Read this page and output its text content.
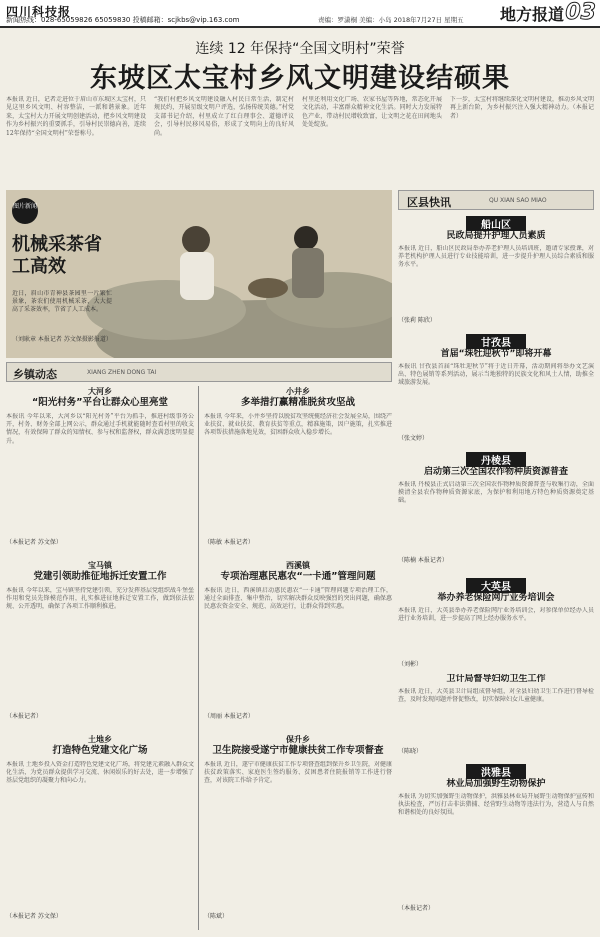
四川科技报
新闻热线：028-65059826 65059830 投稿邮箱：scjkbs@vip.163.com	责编：罗潇桐 美编：小岛 2018年7月27日 星期五 地方报道 03
连续 12 年保持“全国文明村”荣誉
东坡区太宝村乡风文明建设结硕果
本报讯 近日，记者走进位于眉山市东坡区太宝村，只见这里乡风文明、村容整洁，一派和谐景象。近年来，太宝村大力开展文明创建活动，把乡风文明建设作为乡村振兴的重要抓手，引导村民崇德向善，连续12年保持“全国文明村”荣誉称号。
“我们村把乡风文明建设融入村民日常生活，制定村规民约，开展星级文明户评选，弘扬传统美德。”村党支部书记介绍，村里成立了红白理事会、道德评议会，引导村民移风易俗，形成了文明向上的良好风尚。
村里还利用文化广场、农家书屋等阵地，常态化开展文化活动，丰富群众精神文化生活。同时大力发展特色产业，带动村民增收致富，让文明之花在田间地头处处绽放。
下一步，太宝村将继续深化文明村建设，推动乡风文明再上新台阶，为乡村振兴注入强大精神动力。（本报记者）
图片新闻
机械采茶省工高效
近日，眉山市青神县茶园里一片繁忙景象，茶农们使用机械采茶，大大提高了采茶效率，节省了人工成本。
（刘耿章 本报记者 苏文保摄影报道）
乡镇动态	XIANG ZHEN DONG TAI
大河乡
“阳光村务”平台让群众心里亮堂
本报讯 今年以来，大河乡以“阳光村务”平台为抓手，推进村级事务公开，村务、财务全部上网公示，群众通过手机就能随时查看村里的收支情况，有效保障了群众的知情权、参与权和监督权，群众满意度明显提升。
（本报记者 苏文保）
小井乡
多举措打赢精准脱贫攻坚战
本报讯 今年来，小井乡坚持以脱贫攻坚统揽经济社会发展全局，围绕产业扶贫、就业扶贫、教育扶贫等重点，精准施策，因户施策，扎实推进各项帮扶措施落地见效，贫困群众收入稳步增长。
（陈敏 本报记者）
宝马镇
党建引领助推征地拆迁安置工作
本报讯 今年以来，宝马镇坚持党建引领，充分发挥基层党组织战斗堡垒作用和党员先锋模范作用，扎实推进征地拆迁安置工作，做到依法依规、公开透明，确保了各项工作顺利推进。
（本报记者）
西溪镇
专项治理惠民惠农“一卡通”管理问题
本报讯 近日，西溪镇启动惠民惠农“一卡通”管理问题专项治理工作，通过全面排查、集中整治，切实解决群众反映强烈的突出问题，确保惠民惠农资金安全、规范、高效运行，让群众得到实惠。
（周丽 本报记者）
土地乡
打造特色党建文化广场
本报讯 土地乡投入资金打造特色党建文化广场，将党建元素融入群众文化生活，为党员群众提供学习交流、休闲娱乐的好去处，进一步增强了基层党组织的凝聚力和向心力。
（本报记者 苏文保）
保升乡
卫生院接受遂宁市健康扶贫工作专项督查
本报讯 近日，遂宁市健康扶贫工作专项督查组到保升乡卫生院，对健康扶贫政策落实、家庭医生签约服务、贫困患者住院报销等工作进行督查，对该院工作给予肯定。
（陈斌）
区县快讯	QU XIAN SAO MIAO
船山区
民政局提升护理人员素质
本报讯 近日，船山区民政局举办养老护理人员培训班，邀请专家授课，对养老机构护理人员进行专业技能培训，进一步提升护理人员综合素质和服务水平。
（张莉 陈欣）
甘孜县
首届“珠牡迎秋节”即将开幕
本报讯 甘孜县首届“珠牡迎秋节”将于近日开幕，活动期间将举办文艺演出、特色展销等系列活动，展示当地独特的民族文化和风土人情，助推全域旅游发展。
（张文婷）
丹棱县
启动第三次全国农作物种质资源普查
本报讯 丹棱县正式启动第三次全国农作物种质资源普查与收集行动，全面摸清全县农作物种质资源家底，为保护和利用地方特色种质资源奠定基础。
（陈楠 本报记者）
大英县
举办养老保险网厅业务培训会
本报讯 近日，大英县举办养老保险网厅业务培训会，对参保单位经办人员进行业务培训，进一步提高了网上经办服务水平。
（刘彬）
卫计局督导妇幼卫生工作
本报讯 近日，大英县卫计局组成督导组，对全县妇幼卫生工作进行督导检查，及时发现问题并督促整改，切实保障妇女儿童健康。
（陈晓）
洪雅县
林业局加强野生动物保护
本报讯 为切实加强野生动物保护，洪雅县林业局开展野生动物保护宣传和执法检查，严厉打击非法猎捕、经营野生动物等违法行为，营造人与自然和谐相处的良好氛围。
（本报记者）
